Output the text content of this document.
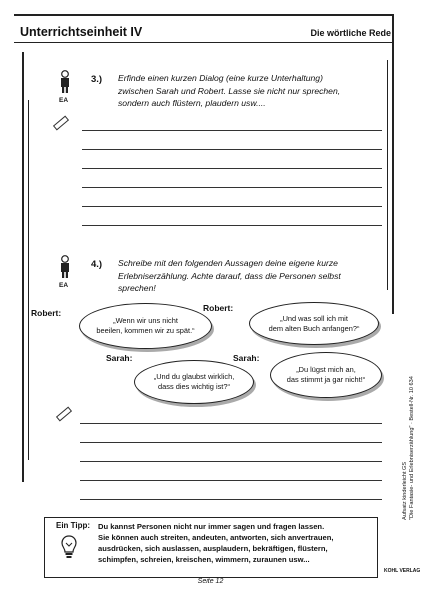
Unterrichtseinheit IV	Die wörtliche Rede
EA
3.) Erfinde einen kurzen Dialog (eine kurze Unterhaltung)
zwischen Sarah und Robert. Lasse sie nicht nur sprechen,
sondern auch flüstern, plaudern usw....
EA
4.) Schreibe mit den folgenden Aussagen deine eigene kurze
Erlebniserzählung. Achte darauf, dass die Personen selbst
sprechen!
Robert:
„Wenn wir uns nicht
beeilen, kommen wir zu spät.“
Robert:
„Und was soll ich mit
dem alten Buch anfangen?“
Sarah:
„Und du glaubst wirklich,
dass dies wichtig ist?“
Sarah:
„Du lügst mich an,
das stimmt ja gar nicht!“
Ein Tipp: Du kannst Personen nicht nur immer sagen und fragen lassen.
Sie können auch streiten, andeuten, antworten, sich anvertrauen,
ausdrücken, sich auslassen, ausplaudern, bekräftigen, flüstern,
schimpfen, schreien, kreischen, wimmern, zuraunen usw...
Aufsatz kinderleicht GS "Die Fantasie- und Erlebniserzählung" · Bestell-Nr. 10 634
KOHL VERLAG
Seite 12
